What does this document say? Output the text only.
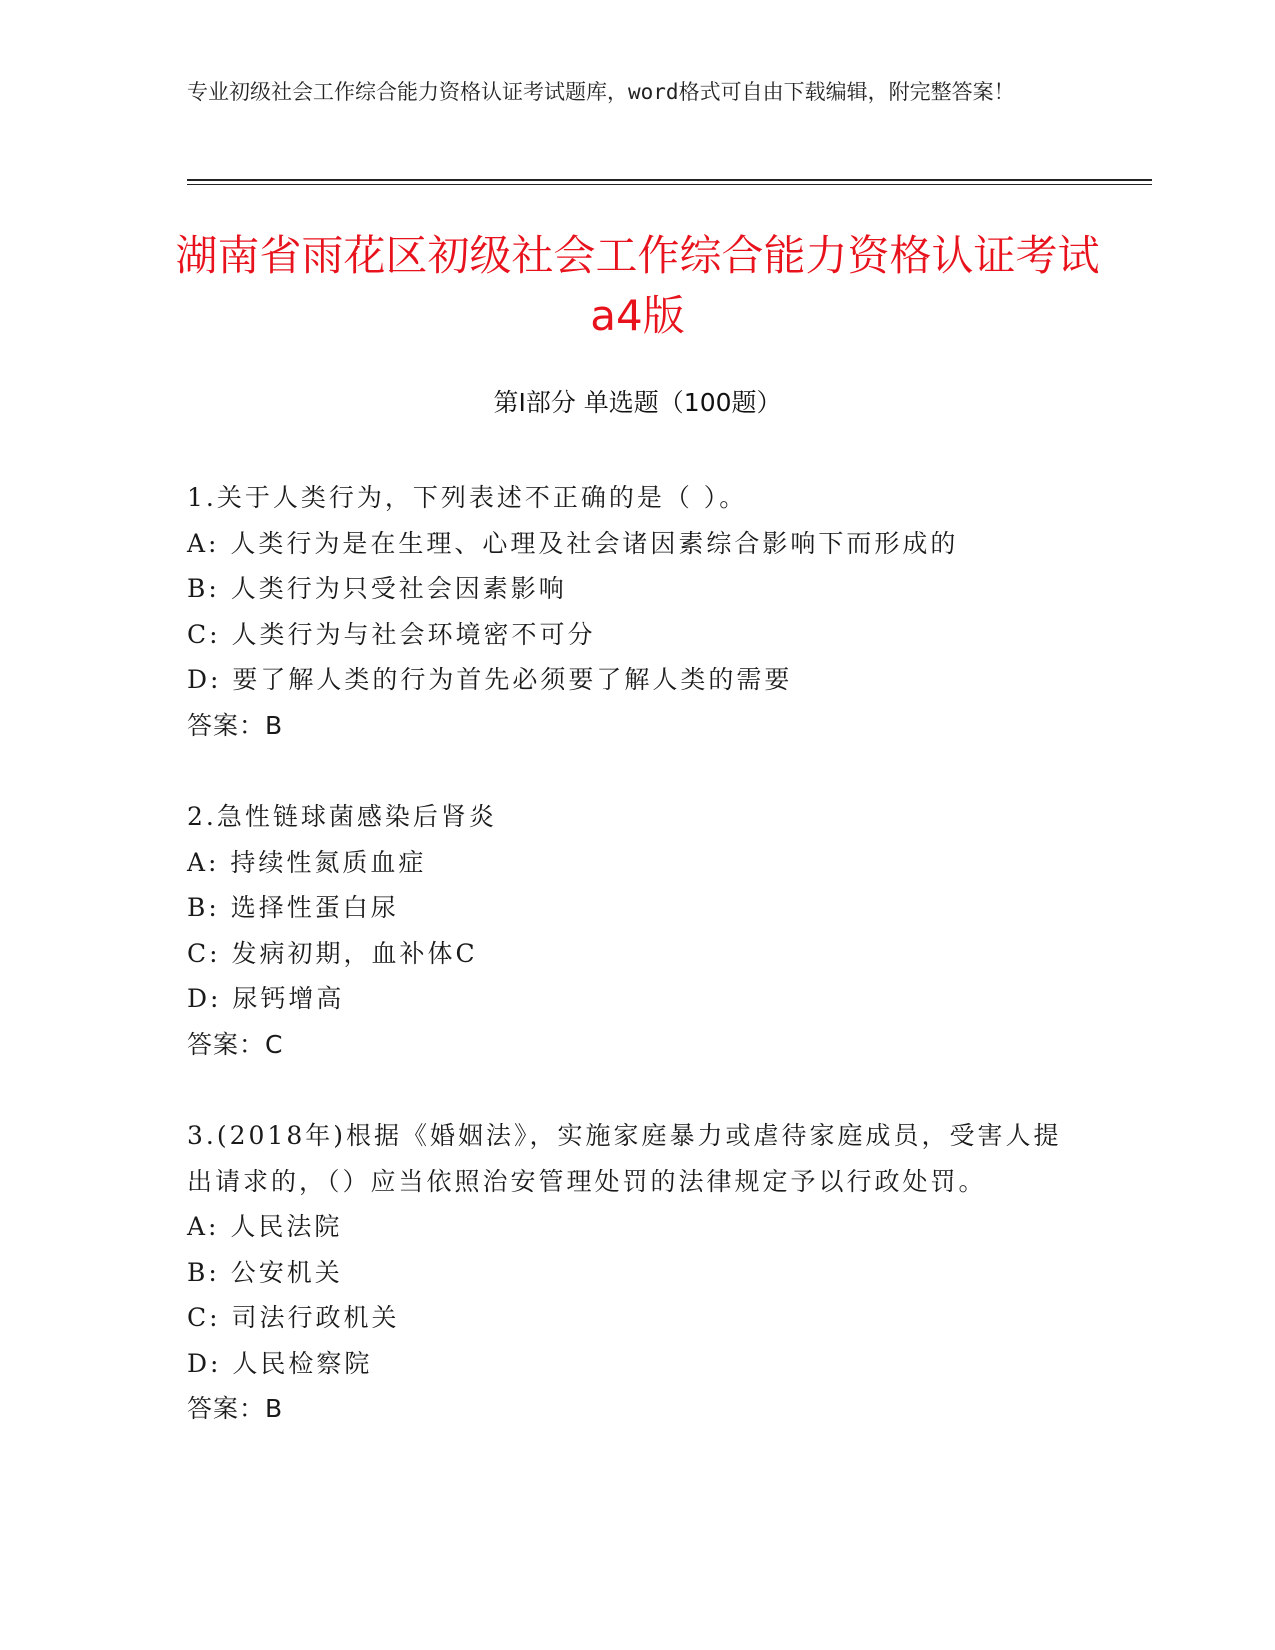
专业初级社会工作综合能力资格认证考试题库，word格式可自由下载编辑，附完整答案！
湖南省雨花区初级社会工作综合能力资格认证考试a4版
第I部分 单选题（100题）
1.关于人类行为，下列表述不正确的是（ ）。
A: 人类行为是在生理、心理及社会诸因素综合影响下而形成的
B: 人类行为只受社会因素影响
C: 人类行为与社会环境密不可分
D: 要了解人类的行为首先必须要了解人类的需要
答案：B
2.急性链球菌感染后肾炎
A: 持续性氮质血症
B: 选择性蛋白尿
C: 发病初期，血补体C
D: 尿钙增高
答案：C
3.(2018年)根据《婚姻法》，实施家庭暴力或虐待家庭成员，受害人提出请求的，（）应当依照治安管理处罚的法律规定予以行政处罚。
A: 人民法院
B: 公安机关
C: 司法行政机关
D: 人民检察院
答案：B
